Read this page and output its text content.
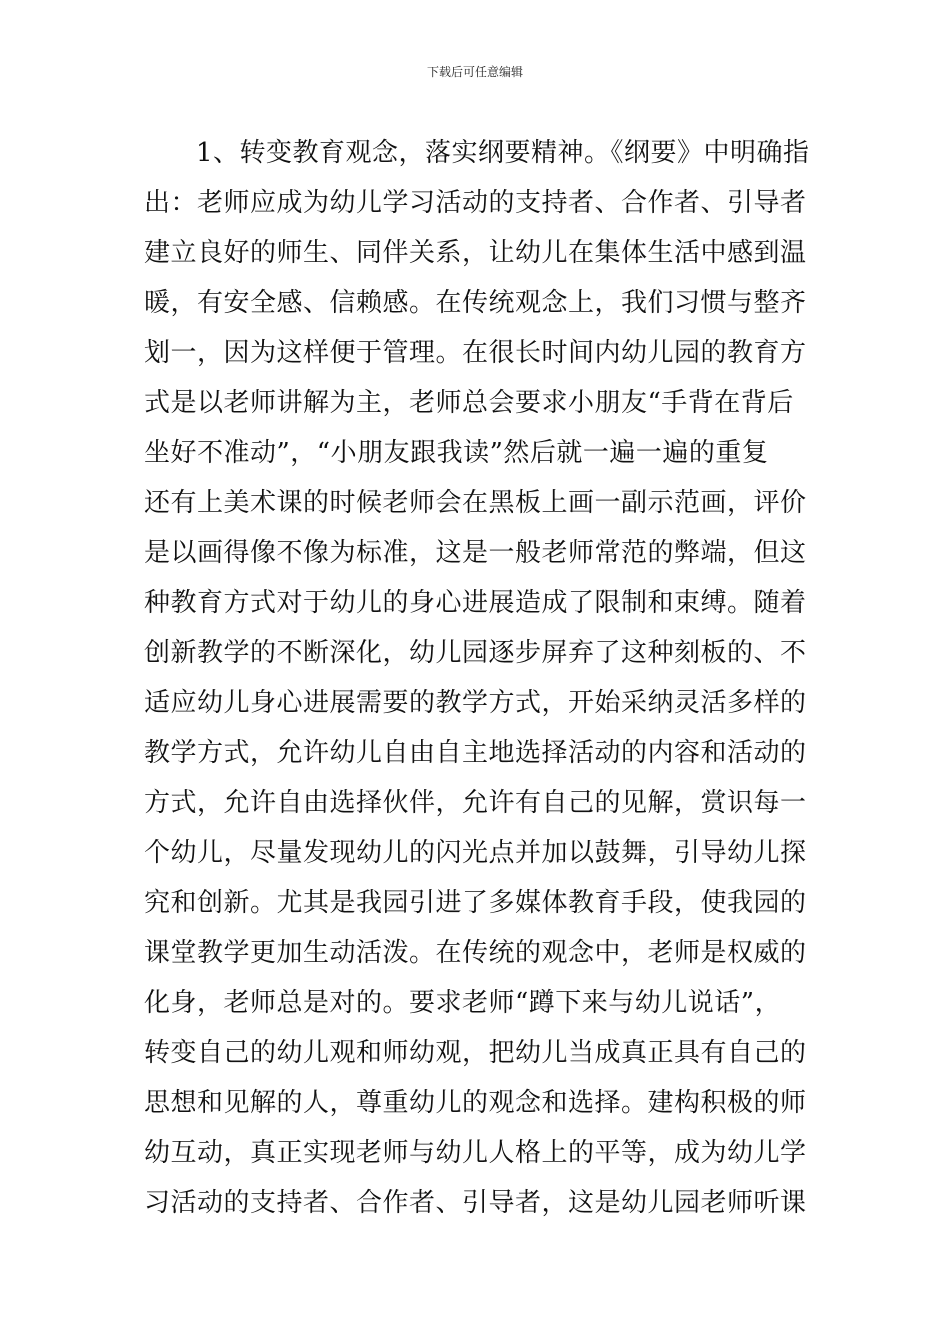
下载后可任意编辑
1、转变教育观念，落实纲要精神。《纲要》中明确指
出：老师应成为幼儿学习活动的支持者、合作者、引导者
建立良好的师生、同伴关系，让幼儿在集体生活中感到温
暖，有安全感、信赖感。在传统观念上，我们习惯与整齐
划一，因为这样便于管理。在很长时间内幼儿园的教育方
式是以老师讲解为主，老师总会要求小朋友“手背在背后
坐好不准动”，“小朋友跟我读”然后就一遍一遍的重复
还有上美术课的时候老师会在黑板上画一副示范画，评价
是以画得像不像为标准，这是一般老师常范的弊端，但这
种教育方式对于幼儿的身心进展造成了限制和束缚。随着
创新教学的不断深化，幼儿园逐步屏弃了这种刻板的、不
适应幼儿身心进展需要的教学方式，开始采纳灵活多样的
教学方式，允许幼儿自由自主地选择活动的内容和活动的
方式，允许自由选择伙伴，允许有自己的见解，赏识每一
个幼儿，尽量发现幼儿的闪光点并加以鼓舞，引导幼儿探
究和创新。尤其是我园引进了多媒体教育手段，使我园的
课堂教学更加生动活泼。在传统的观念中，老师是权威的
化身，老师总是对的。要求老师“蹲下来与幼儿说话”，
转变自己的幼儿观和师幼观，把幼儿当成真正具有自己的
思想和见解的人，尊重幼儿的观念和选择。建构积极的师
幼互动，真正实现老师与幼儿人格上的平等，成为幼儿学
习活动的支持者、合作者、引导者，这是幼儿园老师听课
